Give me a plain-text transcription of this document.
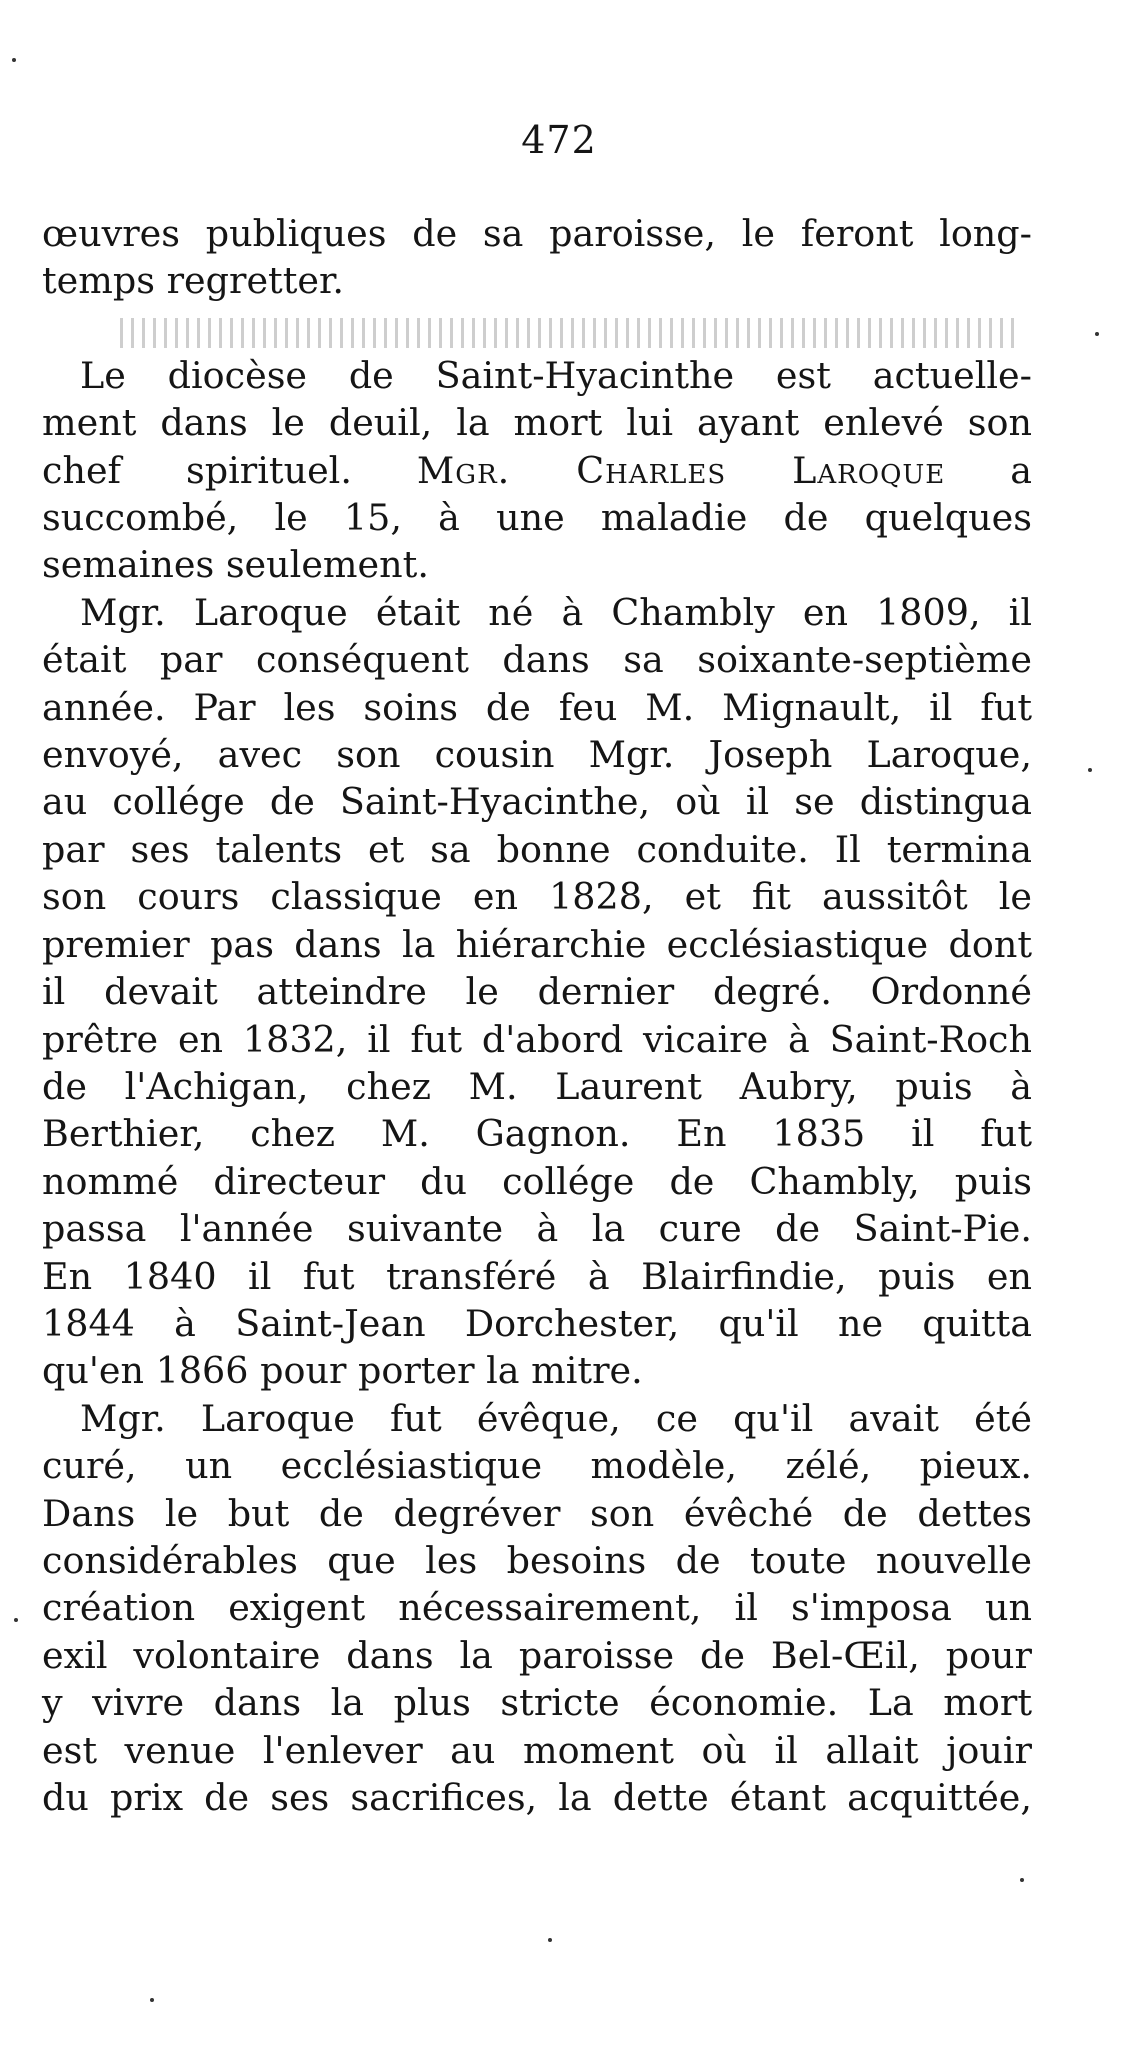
472
œuvres publiques de sa paroisse, le feront long-
temps regretter.
Le diocèse de Saint-Hyacinthe est actuelle-
ment dans le deuil, la mort lui ayant enlevé son
chef spirituel. Mgr. Charles Laroque a
succombé, le 15, à une maladie de quelques
semaines seulement.
Mgr. Laroque était né à Chambly en 1809, il
était par conséquent dans sa soixante-septième
année. Par les soins de feu M. Mignault, il fut
envoyé, avec son cousin Mgr. Joseph Laroque,
au collége de Saint-Hyacinthe, où il se distingua
par ses talents et sa bonne conduite. Il termina
son cours classique en 1828, et fit aussitôt le
premier pas dans la hiérarchie ecclésiastique dont
il devait atteindre le dernier degré. Ordonné
prêtre en 1832, il fut d'abord vicaire à Saint-Roch
de l'Achigan, chez M. Laurent Aubry, puis à
Berthier, chez M. Gagnon. En 1835 il fut
nommé directeur du collége de Chambly, puis
passa l'année suivante à la cure de Saint-Pie.
En 1840 il fut transféré à Blairfindie, puis en
1844 à Saint-Jean Dorchester, qu'il ne quitta
qu'en 1866 pour porter la mitre.
Mgr. Laroque fut évêque, ce qu'il avait été
curé, un ecclésiastique modèle, zélé, pieux.
Dans le but de degréver son évêché de dettes
considérables que les besoins de toute nouvelle
création exigent nécessairement, il s'imposa un
exil volontaire dans la paroisse de Bel-Œil, pour
y vivre dans la plus stricte économie. La mort
est venue l'enlever au moment où il allait jouir
du prix de ses sacrifices, la dette étant acquittée,
